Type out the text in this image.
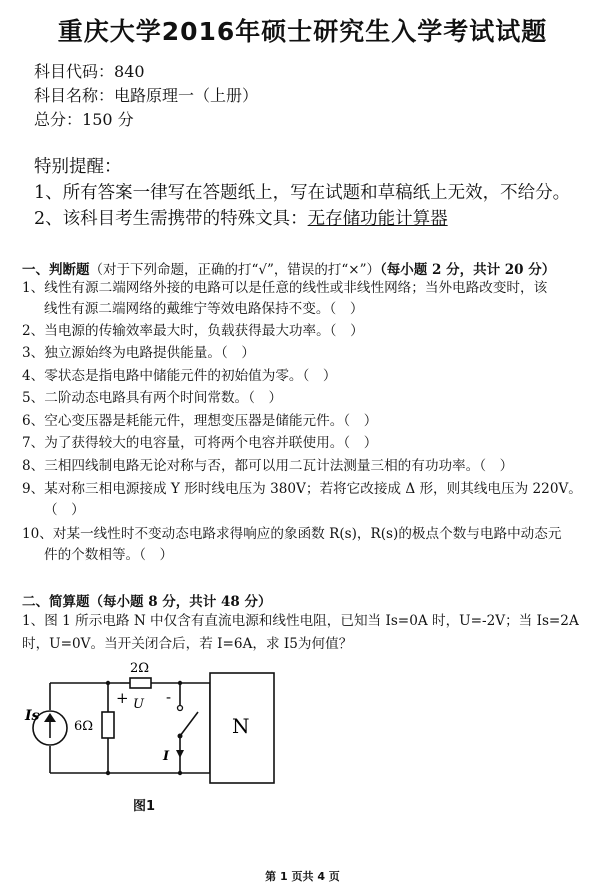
重庆大学2016年硕士研究生入学考试试题
科目代码：840
科目名称：电路原理一（上册）
总分：150 分
特别提醒：
1、所有答案一律写在答题纸上，写在试题和草稿纸上无效，不给分。
2、该科目考生需携带的特殊文具：无存储功能计算器
一、判断题（对于下列命题，正确的打“√”，错误的打“×”）（每小题 2 分，共计 20 分）
1、线性有源二端网络外接的电路可以是任意的线性或非线性网络；当外电路改变时，该
线性有源二端网络的戴维宁等效电路保持不变。（　）
2、当电源的传输效率最大时，负载获得最大功率。（　）
3、独立源始终为电路提供能量。（　）
4、零状态是指电路中储能元件的初始值为零。（　）
5、二阶动态电路具有两个时间常数。（　）
6、空心变压器是耗能元件，理想变压器是储能元件。（　）
7、为了获得较大的电容量，可将两个电容并联使用。（　）
8、三相四线制电路无论对称与否，都可以用二瓦计法测量三相的有功功率。（　）
9、某对称三相电源接成 Y 形时线电压为 380V；若将它改接成 Δ 形，则其线电压为 220V。
（　）
10、对某一线性时不变动态电路求得响应的象函数 R(s)，R(s)的极点个数与电路中动态元
件的个数相等。（　）
二、简算题（每小题 8 分，共计 48 分）
1、图 1 所示电路 N 中仅含有直流电源和线性电阻，已知当 Is=0A 时，U=-2V；当 Is=2A
时，U=0V。当开关闭合后，若 I=6A，求 I5为何值？
Is
6Ω
2Ω
+ -
U
I
N
图1
第 1 页共 4 页
